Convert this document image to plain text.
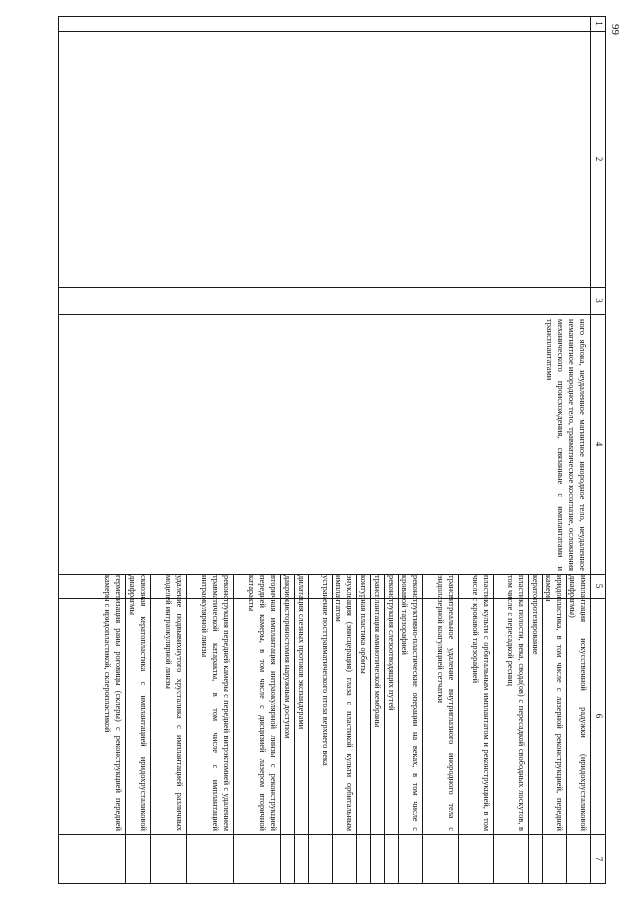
99
1
2
3
4
5
6
7
ного яблока, неудаленное магнитное инородное тело, неудаленное немагнитное инородное тело, травматическое косоглазие, осложнения механического происхождения, связанные с имплантатами и трансплантатами
имплантация искусственной радужки (иридохрусталиковой диафрагмы)
иридопластика, в том числе с лазерной реконструкцией, передней камеры
кератопротезирование
пластика полости, века, свода(ов) с пересадкой свободных лоскутов, в том числе с пересадкой ресниц
пластика культи с орбитальным имплантатом и реконструкцией, в том числе с кровавой тарзорафией
трансвитреальное удаление внутриглазного инородного тела с эндолазерной коагуляцией сетчатки
реконструктивно-пластические операции на веках, в том числе с кровавой тарзорафией
реконструкция слезоотводящих путей
трансплантация амниотической мембраны
контурная пластика орбиты
энуклеация (эвисцерация) глаза с пластикой культи орбитальным имплантатом
устранение посттравматического птоза верхнего века
дилатация слезных протоков экспандерами
дакриоцисториностомия наружным доступом
вторичная имплантация интраокулярной линзы с реконструкцией передней камеры, в том числе с дисцизией лазером вторичной катаракты
реконструкция передней камеры с передней витрэктомией с удалением травматической катаракты, в том числе с имплантацией интраокулярной линзы
удаление подвывихнутого хрусталика с имплантацией различных моделей интраокулярной линзы
сквозная кератопластика с имплантацией иридохрусталиковой диафрагмы
герметизация раны роговицы (склеры) с реконструкцией передней камеры с иридопластикой, склеропластикой
